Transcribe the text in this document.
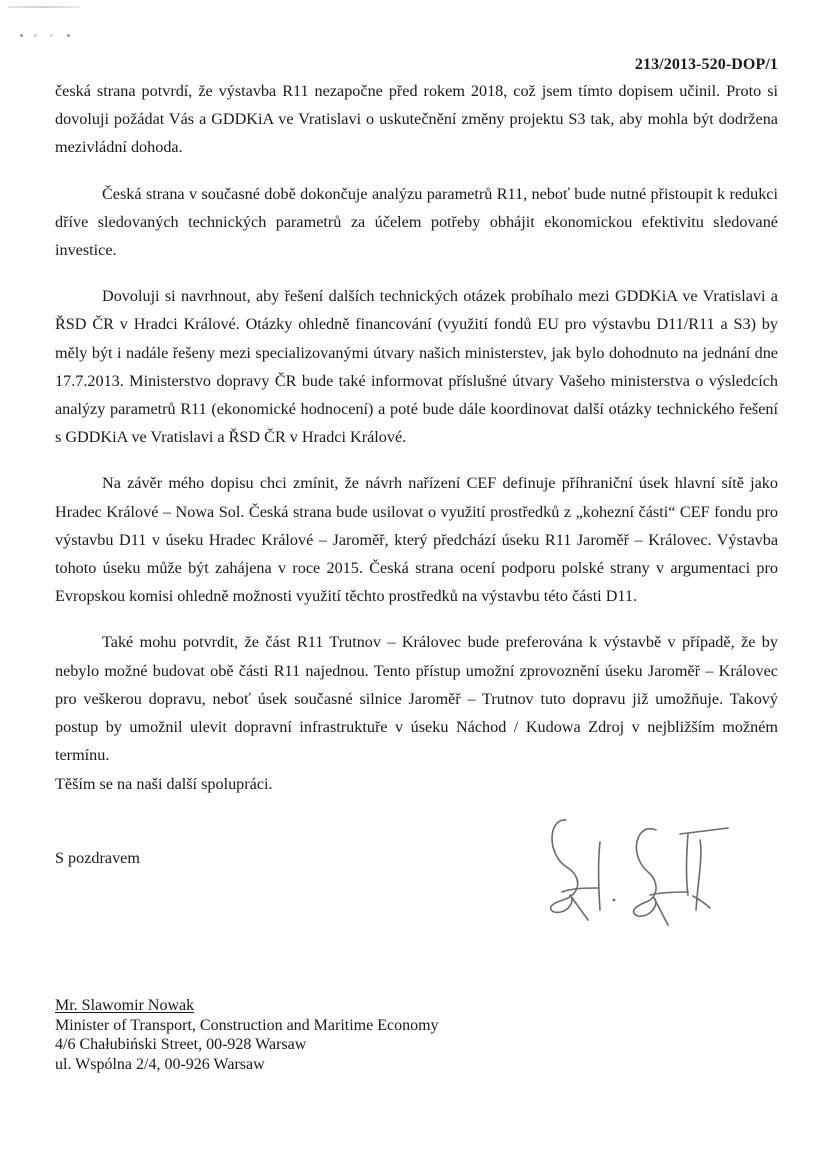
213/2013-520-DOP/1

česká strana potvrdí, že výstavba R11 nezapočne před rokem 2018, což jsem tímto dopisem učinil. Proto si dovoluji požádat Vás a GDDKiA ve Vratislavi o uskutečnění změny projektu S3 tak, aby mohla být dodržena mezivládní dohoda.

Česká strana v současné době dokončuje analýzu parametrů R11, neboť bude nutné přistoupit k redukci dříve sledovaných technických parametrů za účelem potřeby obhájit ekonomickou efektivitu sledované investice.

Dovoluji si navrhnout, aby řešení dalších technických otázek probíhalo mezi GDDKiA ve Vratislavi a ŘSD ČR v Hradci Králové. Otázky ohledně financování (využití fondů EU pro výstavbu D11/R11 a S3) by měly být i nadále řešeny mezi specializovanými útvary našich ministerstev, jak bylo dohodnuto na jednání dne 17.7.2013. Ministerstvo dopravy ČR bude také informovat příslušné útvary Vašeho ministerstva o výsledcích analýzy parametrů R11 (ekonomické hodnocení) a poté bude dále koordinovat další otázky technického řešení s GDDKiA ve Vratislavi a ŘSD ČR v Hradci Králové.

Na závěr mého dopisu chci zmínit, že návrh nařízení CEF definuje příhraniční úsek hlavní sítě jako Hradec Králové – Nowa Sol. Česká strana bude usilovat o využití prostředků z „kohezní části“ CEF fondu pro výstavbu D11 v úseku Hradec Králové – Jaroměř, který předchází úseku R11 Jaroměř – Královec. Výstavba tohoto úseku může být zahájena v roce 2015. Česká strana ocení podporu polské strany v argumentaci pro Evropskou komisi ohledně možnosti využití těchto prostředků na výstavbu této části D11.

Také mohu potvrdit, že část R11 Trutnov – Královec bude preferována k výstavbě v případě, že by nebylo možné budovat obě části R11 najednou. Tento přístup umožní zprovoznění úseku Jaroměř – Královec pro veškerou dopravu, neboť úsek současné silnice Jaroměř – Trutnov tuto dopravu již umožňuje. Takový postup by umožnil ulevit dopravní infrastruktuře v úseku Náchod / Kudowa Zdroj v nejbližším možném termínu.

Těším se na naši další spolupráci.
S pozdravem
Mr. Slawomir Nowak
Minister of Transport, Construction and Maritime Economy
4/6 Chałubiński Street, 00-928 Warsaw
ul. Wspólna 2/4, 00-926 Warsaw
